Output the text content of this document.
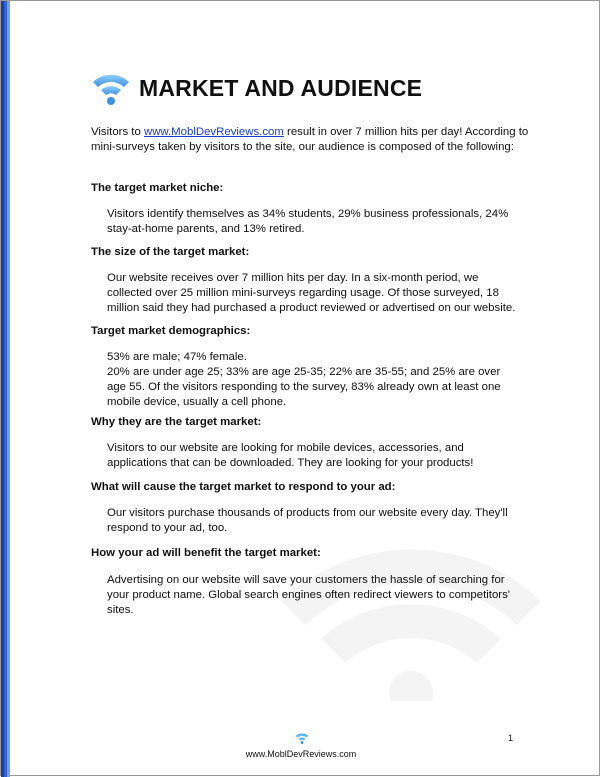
MARKET AND AUDIENCE
Visitors to www.MoblDevReviews.com result in over 7 million hits per day! According to mini-surveys taken by visitors to the site, our audience is composed of the following:
The target market niche:

Visitors identify themselves as 34% students, 29% business professionals, 24% stay-at-home parents, and 13% retired.

The size of the target market:

Our website receives over 7 million hits per day. In a six-month period, we collected over 25 million mini-surveys regarding usage. Of those surveyed, 18 million said they had purchased a product reviewed or advertised on our website.

Target market demographics:

53% are male; 47% female.

20% are under age 25; 33% are age 25-35; 22% are 35-55; and 25% are over age 55. Of the visitors responding to the survey, 83% already own at least one mobile device, usually a cell phone.

Why they are the target market:

Visitors to our website are looking for mobile devices, accessories, and applications that can be downloaded. They are looking for your products!

What will cause the target market to respond to your ad:

Our visitors purchase thousands of products from our website every day. They'll respond to your ad, too.

How your ad will benefit the target market:

Advertising on our website will save your customers the hassle of searching for your product name. Global search engines often redirect viewers to competitors' sites.

www.MoblDevReviews.com
1
